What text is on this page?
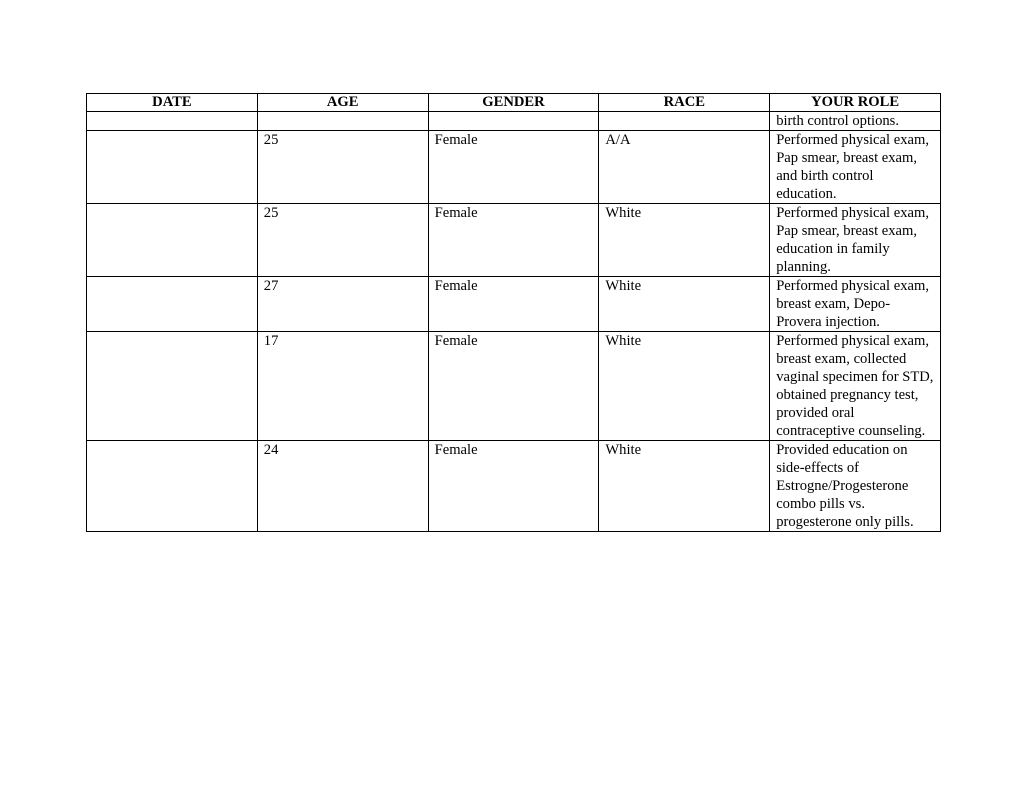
DATE	AGE	GENDER	RACE	YOUR ROLE
				birth control options.
	25	Female	A/A	Performed physical exam, Pap smear, breast exam, and birth control education.
	25	Female	White	Performed physical exam, Pap smear, breast exam, education in family planning.
	27	Female	White	Performed physical exam, breast exam, Depo-Provera injection.
	17	Female	White	Performed physical exam, breast exam, collected vaginal specimen for STD, obtained pregnancy test, provided oral contraceptive counseling.
	24	Female	White	Provided education on side-effects of Estrogne/Progesterone combo pills vs. progesterone only pills.
